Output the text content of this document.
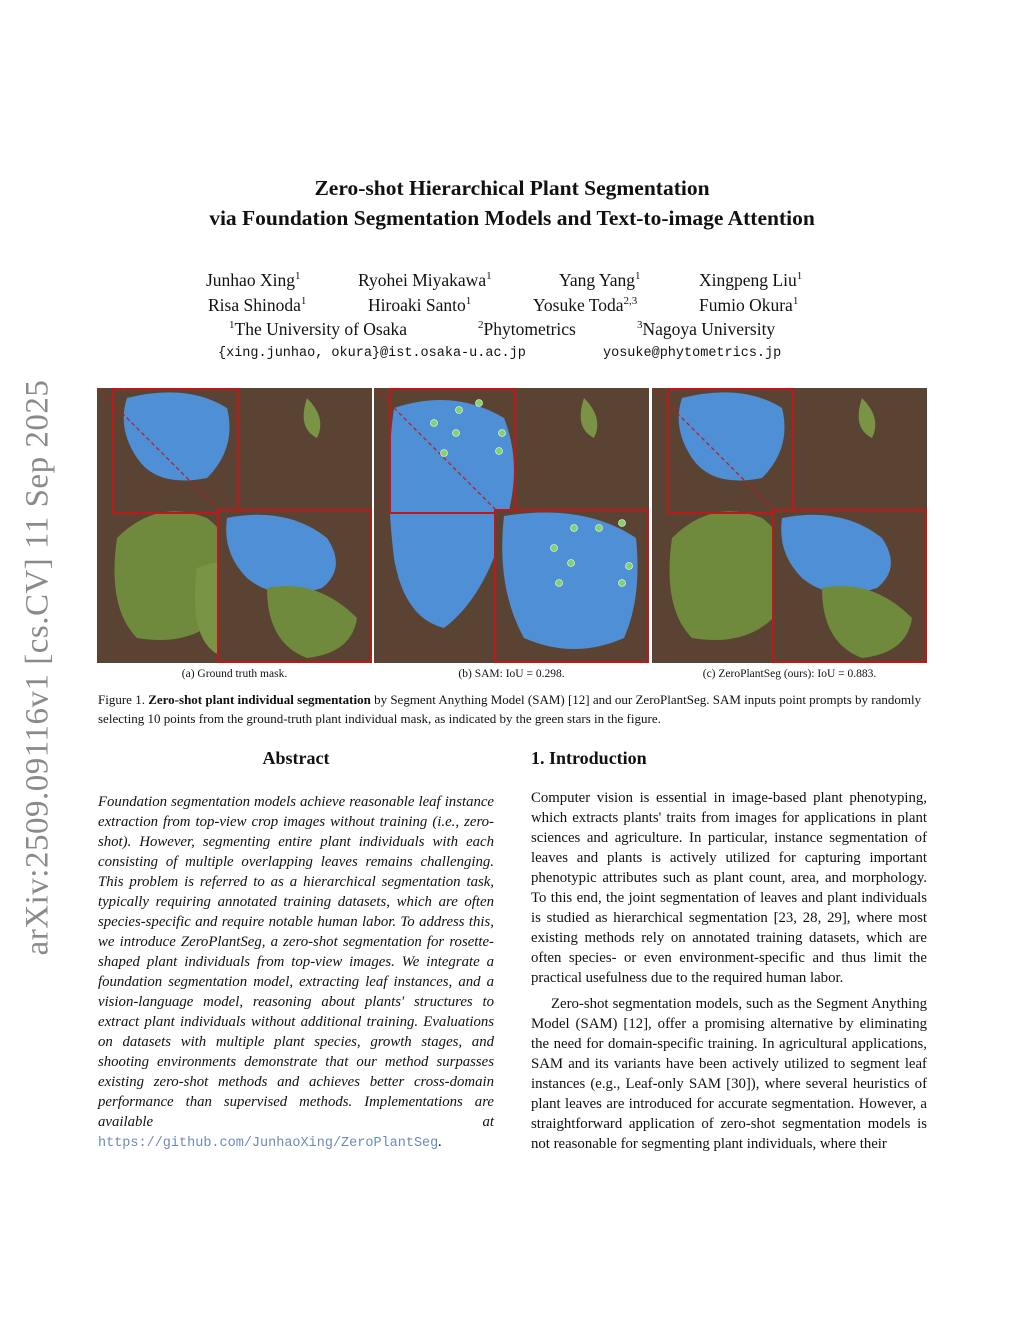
arXiv:2509.09116v1 [cs.CV] 11 Sep 2025
Zero-shot Hierarchical Plant Segmentation
via Foundation Segmentation Models and Text-to-image Attention
Junhao Xing$^1$	Ryohei Miyakawa$^1$	Yang Yang$^1$	Xingpeng Liu$^1$
Risa Shinoda$^1$	Hiroaki Santo$^1$	Yosuke Toda$^{2,3}$	Fumio Okura$^1$
$^1$The University of Osaka	$^2$Phytometrics	$^3$Nagoya University
{xing.junhao, okura}@ist.osaka-u.ac.jp	yosuke@phytometrics.jp
(a) Ground truth mask.	(b) SAM: IoU = 0.298.	(c) ZeroPlantSeg (ours): IoU = 0.883.
Figure 1. Zero-shot plant individual segmentation by Segment Anything Model (SAM) [12] and our ZeroPlantSeg. SAM inputs point prompts by randomly selecting 10 points from the ground-truth plant individual mask, as indicated by the green stars in the figure.
Abstract
Foundation segmentation models achieve reasonable leaf instance extraction from top-view crop images without training (i.e., zero-shot). However, segmenting entire plant individuals with each consisting of multiple overlapping leaves remains challenging. This problem is referred to as a hierarchical segmentation task, typically requiring annotated training datasets, which are often species-specific and require notable human labor. To address this, we introduce ZeroPlantSeg, a zero-shot segmentation for rosette-shaped plant individuals from top-view images. We integrate a foundation segmentation model, extracting leaf instances, and a vision-language model, reasoning about plants' structures to extract plant individuals without additional training. Evaluations on datasets with multiple plant species, growth stages, and shooting environments demonstrate that our method surpasses existing zero-shot methods and achieves better cross-domain performance than supervised methods. Implementations are available at https://github.com/JunhaoXing/ZeroPlantSeg.
1. Introduction

Computer vision is essential in image-based plant phenotyping, which extracts plants' traits from images for applications in plant sciences and agriculture. In particular, instance segmentation of leaves and plants is actively utilized for capturing important phenotypic attributes such as plant count, area, and morphology. To this end, the joint segmentation of leaves and plant individuals is studied as hierarchical segmentation [23, 28, 29], where most existing methods rely on annotated training datasets, which are often species- or even environment-specific and thus limit the practical usefulness due to the required human labor.

Zero-shot segmentation models, such as the Segment Anything Model (SAM) [12], offer a promising alternative by eliminating the need for domain-specific training. In agricultural applications, SAM and its variants have been actively utilized to segment leaf instances (e.g., Leaf-only SAM [30]), where several heuristics of plant leaves are introduced for accurate segmentation. However, a straightforward application of zero-shot segmentation models is not reasonable for segmenting plant individuals, where their
